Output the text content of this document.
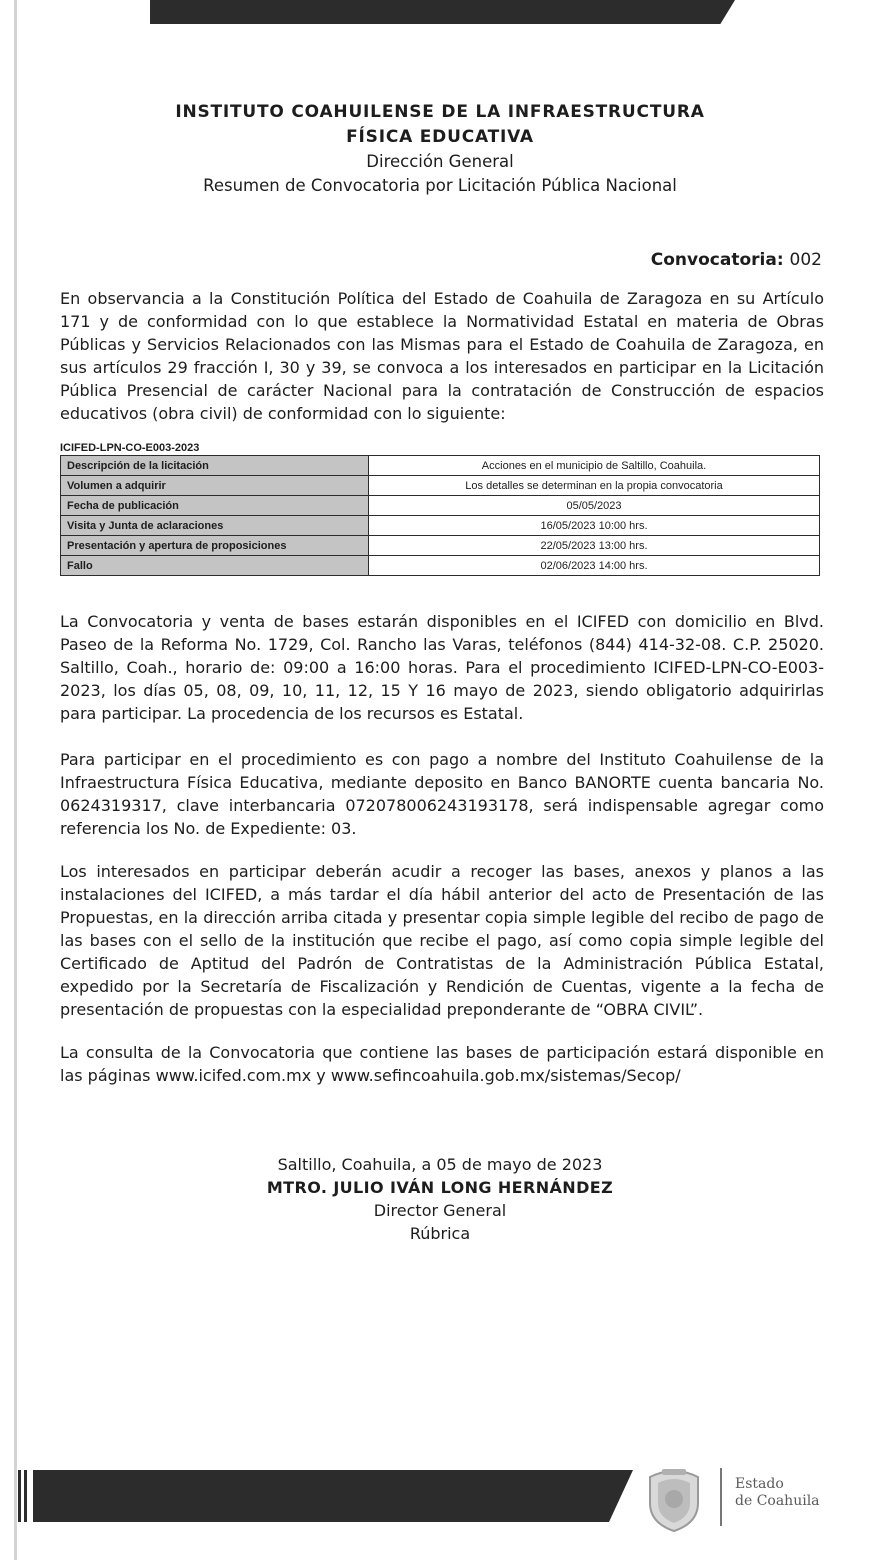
INSTITUTO COAHUILENSE DE LA INFRAESTRUCTURA
FÍSICA EDUCATIVA
Dirección General
Resumen de Convocatoria por Licitación Pública Nacional
Convocatoria: 002

En observancia a la Constitución Política del Estado de Coahuila de Zaragoza en su Artículo 171 y de conformidad con lo que establece la Normatividad Estatal en materia de Obras Públicas y Servicios Relacionados con las Mismas para el Estado de Coahuila de Zaragoza, en sus artículos 29 fracción I, 30 y 39, se convoca a los interesados en participar en la Licitación Pública Presencial de carácter Nacional para la contratación de Construcción de espacios educativos (obra civil) de conformidad con lo siguiente:

ICIFED-LPN-CO-E003-2023
Descripción de la licitación	Acciones en el municipio de Saltillo, Coahuila.
Volumen a adquirir	Los detalles se determinan en la propia convocatoria
Fecha de publicación	05/05/2023
Visita y Junta de aclaraciones	16/05/2023 10:00 hrs.
Presentación y apertura de proposiciones	22/05/2023 13:00 hrs.
Fallo	02/06/2023 14:00 hrs.

La Convocatoria y venta de bases estarán disponibles en el ICIFED con domicilio en Blvd. Paseo de la Reforma No. 1729, Col. Rancho las Varas, teléfonos (844) 414-32-08. C.P. 25020. Saltillo, Coah., horario de: 09:00 a 16:00 horas. Para el procedimiento ICIFED-LPN-CO-E003-2023, los días 05, 08, 09, 10, 11, 12, 15 Y 16 mayo de 2023, siendo obligatorio adquirirlas para participar. La procedencia de los recursos es Estatal.

Para participar en el procedimiento es con pago a nombre del Instituto Coahuilense de la Infraestructura Física Educativa, mediante deposito en Banco BANORTE cuenta bancaria No. 0624319317, clave interbancaria 072078006243193178, será indispensable agregar como referencia los No. de Expediente: 03.

Los interesados en participar deberán acudir a recoger las bases, anexos y planos a las instalaciones del ICIFED, a más tardar el día hábil anterior del acto de Presentación de las Propuestas, en la dirección arriba citada y presentar copia simple legible del recibo de pago de las bases con el sello de la institución que recibe el pago, así como copia simple legible del Certificado de Aptitud del Padrón de Contratistas de la Administración Pública Estatal, expedido por la Secretaría de Fiscalización y Rendición de Cuentas, vigente a la fecha de presentación de propuestas con la especialidad preponderante de “OBRA CIVIL”.

La consulta de la Convocatoria que contiene las bases de participación estará disponible en las páginas www.icifed.com.mx y www.sefincoahuila.gob.mx/sistemas/Secop/

Saltillo, Coahuila, a 05 de mayo de 2023
MTRO. JULIO IVÁN LONG HERNÁNDEZ
Director General
Rúbrica
Estado
de Coahuila
